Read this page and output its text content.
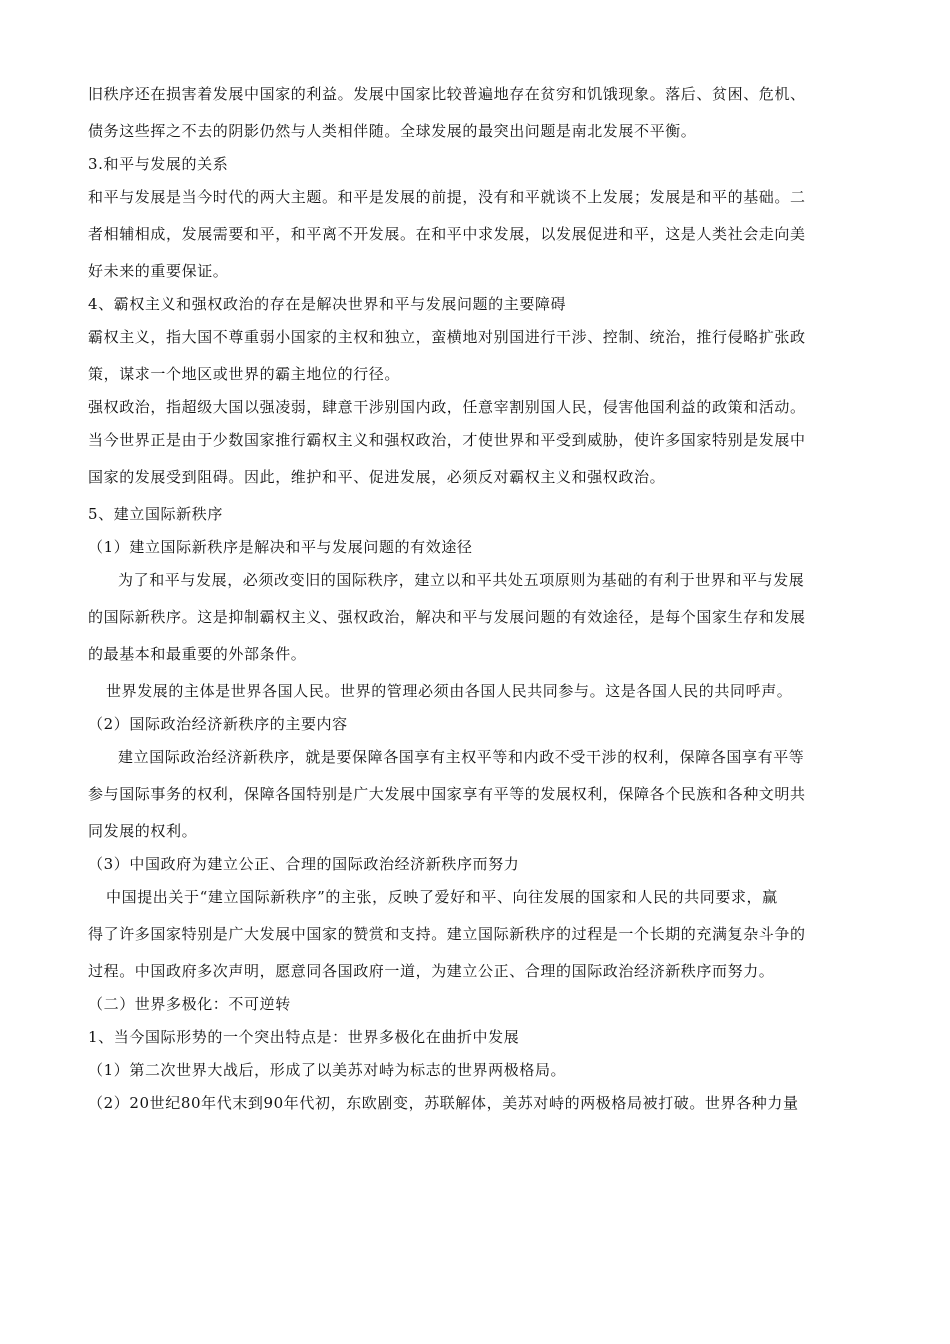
旧秩序还在损害着发展中国家的利益。发展中国家比较普遍地存在贫穷和饥饿现象。落后、贫困、危机、
债务这些挥之不去的阴影仍然与人类相伴随。全球发展的最突出问题是南北发展不平衡。
3.和平与发展的关系
和平与发展是当今时代的两大主题。和平是发展的前提，没有和平就谈不上发展；发展是和平的基础。二
者相辅相成，发展需要和平，和平离不开发展。在和平中求发展，以发展促进和平，这是人类社会走向美
好未来的重要保证。
4、霸权主义和强权政治的存在是解决世界和平与发展问题的主要障碍
霸权主义，指大国不尊重弱小国家的主权和独立，蛮横地对别国进行干涉、控制、统治，推行侵略扩张政
策，谋求一个地区或世界的霸主地位的行径。
强权政治，指超级大国以强凌弱，肆意干涉别国内政，任意宰割别国人民，侵害他国利益的政策和活动。
当今世界正是由于少数国家推行霸权主义和强权政治，才使世界和平受到威胁，使许多国家特别是发展中
国家的发展受到阻碍。因此，维护和平、促进发展，必须反对霸权主义和强权政治。
5、建立国际新秩序
（1）建立国际新秩序是解决和平与发展问题的有效途径
为了和平与发展，必须改变旧的国际秩序，建立以和平共处五项原则为基础的有利于世界和平与发展
的国际新秩序。这是抑制霸权主义、强权政治，解决和平与发展问题的有效途径，是每个国家生存和发展
的最基本和最重要的外部条件。
世界发展的主体是世界各国人民。世界的管理必须由各国人民共同参与。这是各国人民的共同呼声。
（2）国际政治经济新秩序的主要内容
建立国际政治经济新秩序，就是要保障各国享有主权平等和内政不受干涉的权利，保障各国享有平等
参与国际事务的权利，保障各国特别是广大发展中国家享有平等的发展权利，保障各个民族和各种文明共
同发展的权利。
（3）中国政府为建立公正、合理的国际政治经济新秩序而努力
中国提出关于“建立国际新秩序”的主张，反映了爱好和平、向往发展的国家和人民的共同要求，赢
得了许多国家特别是广大发展中国家的赞赏和支持。建立国际新秩序的过程是一个长期的充满复杂斗争的
过程。中国政府多次声明，愿意同各国政府一道，为建立公正、合理的国际政治经济新秩序而努力。
（二）世界多极化：不可逆转
1、当今国际形势的一个突出特点是：世界多极化在曲折中发展
（1）第二次世界大战后，形成了以美苏对峙为标志的世界两极格局。
（2）20世纪80年代末到90年代初，东欧剧变，苏联解体，美苏对峙的两极格局被打破。世界各种力量
